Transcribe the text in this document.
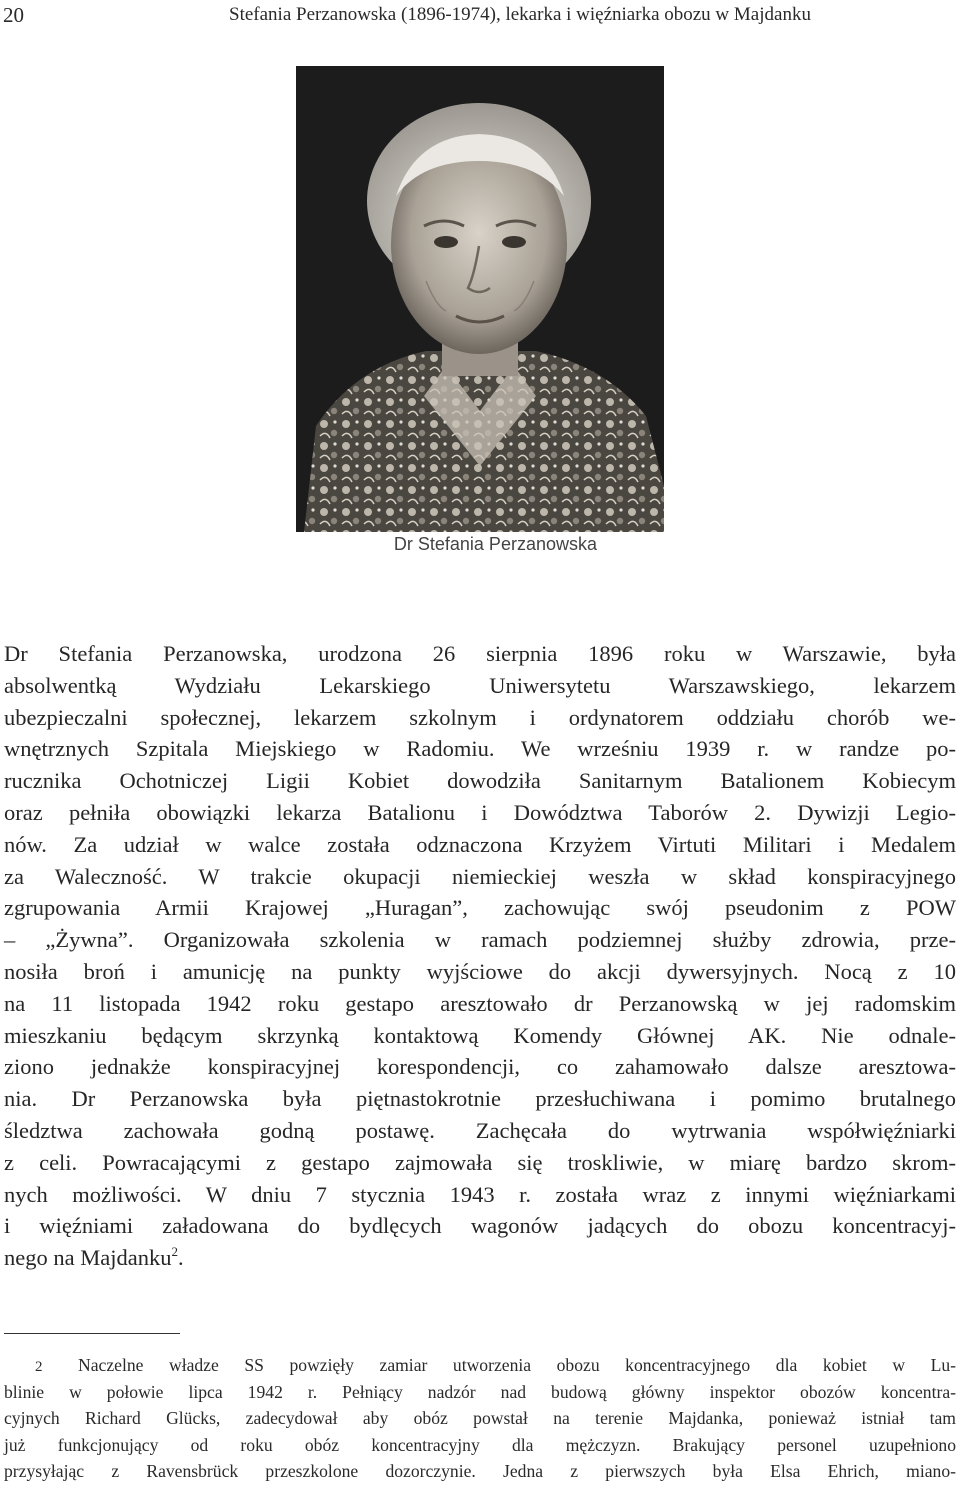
20	Stefania Perzanowska (1896-1974), lekarka i więźniarka obozu w Majdanku
Dr Stefania Perzanowska
Dr Stefania Perzanowska, urodzona 26 sierpnia 1896 roku w Warszawie, była
absolwentką Wydziału Lekarskiego Uniwersytetu Warszawskiego, lekarzem
ubezpieczalni społecznej, lekarzem szkolnym i ordynatorem oddziału chorób we-
wnętrznych Szpitala Miejskiego w Radomiu. We wrześniu 1939 r. w randze po-
rucznika Ochotniczej Ligii Kobiet dowodziła Sanitarnym Batalionem Kobiecym
oraz pełniła obowiązki lekarza Batalionu i Dowództwa Taborów 2. Dywizji Legio-
nów. Za udział w walce została odznaczona Krzyżem Virtuti Militari i Medalem
za Waleczność. W trakcie okupacji niemieckiej weszła w skład konspiracyjnego
zgrupowania Armii Krajowej „Huragan”, zachowując swój pseudonim z POW
– „Żywna”. Organizowała szkolenia w ramach podziemnej służby zdrowia, prze-
nosiła broń i amunicję na punkty wyjściowe do akcji dywersyjnych. Nocą z 10
na 11 listopada 1942 roku gestapo aresztowało dr Perzanowską w jej radomskim
mieszkaniu będącym skrzynką kontaktową Komendy Głównej AK. Nie odnale-
ziono jednakże konspiracyjnej korespondencji, co zahamowało dalsze aresztowa-
nia. Dr Perzanowska była piętnastokrotnie przesłuchiwana i pomimo brutalnego
śledztwa zachowała godną postawę. Zachęcała do wytrwania współwięźniarki
z celi. Powracającymi z gestapo zajmowała się troskliwie, w miarę bardzo skrom-
nych możliwości. W dniu 7 stycznia 1943 r. została wraz z innymi więźniarkami
i więźniami załadowana do bydlęcych wagonów jadących do obozu koncentracyj-
nego na Majdanku$^2$.
2 Naczelne władze SS powzięły zamiar utworzenia obozu koncentracyjnego dla kobiet w Lu-
blinie w połowie lipca 1942 r. Pełniący nadzór nad budową główny inspektor obozów koncentra-
cyjnych Richard Glücks, zadecydował aby obóz powstał na terenie Majdanka, ponieważ istniał tam
już funkcjonujący od roku obóz koncentracyjny dla mężczyzn. Brakujący personel uzupełniono
przysyłając z Ravensbrück przeszkolone dozorczynie. Jedna z pierwszych była Elsa Ehrich, miano-
